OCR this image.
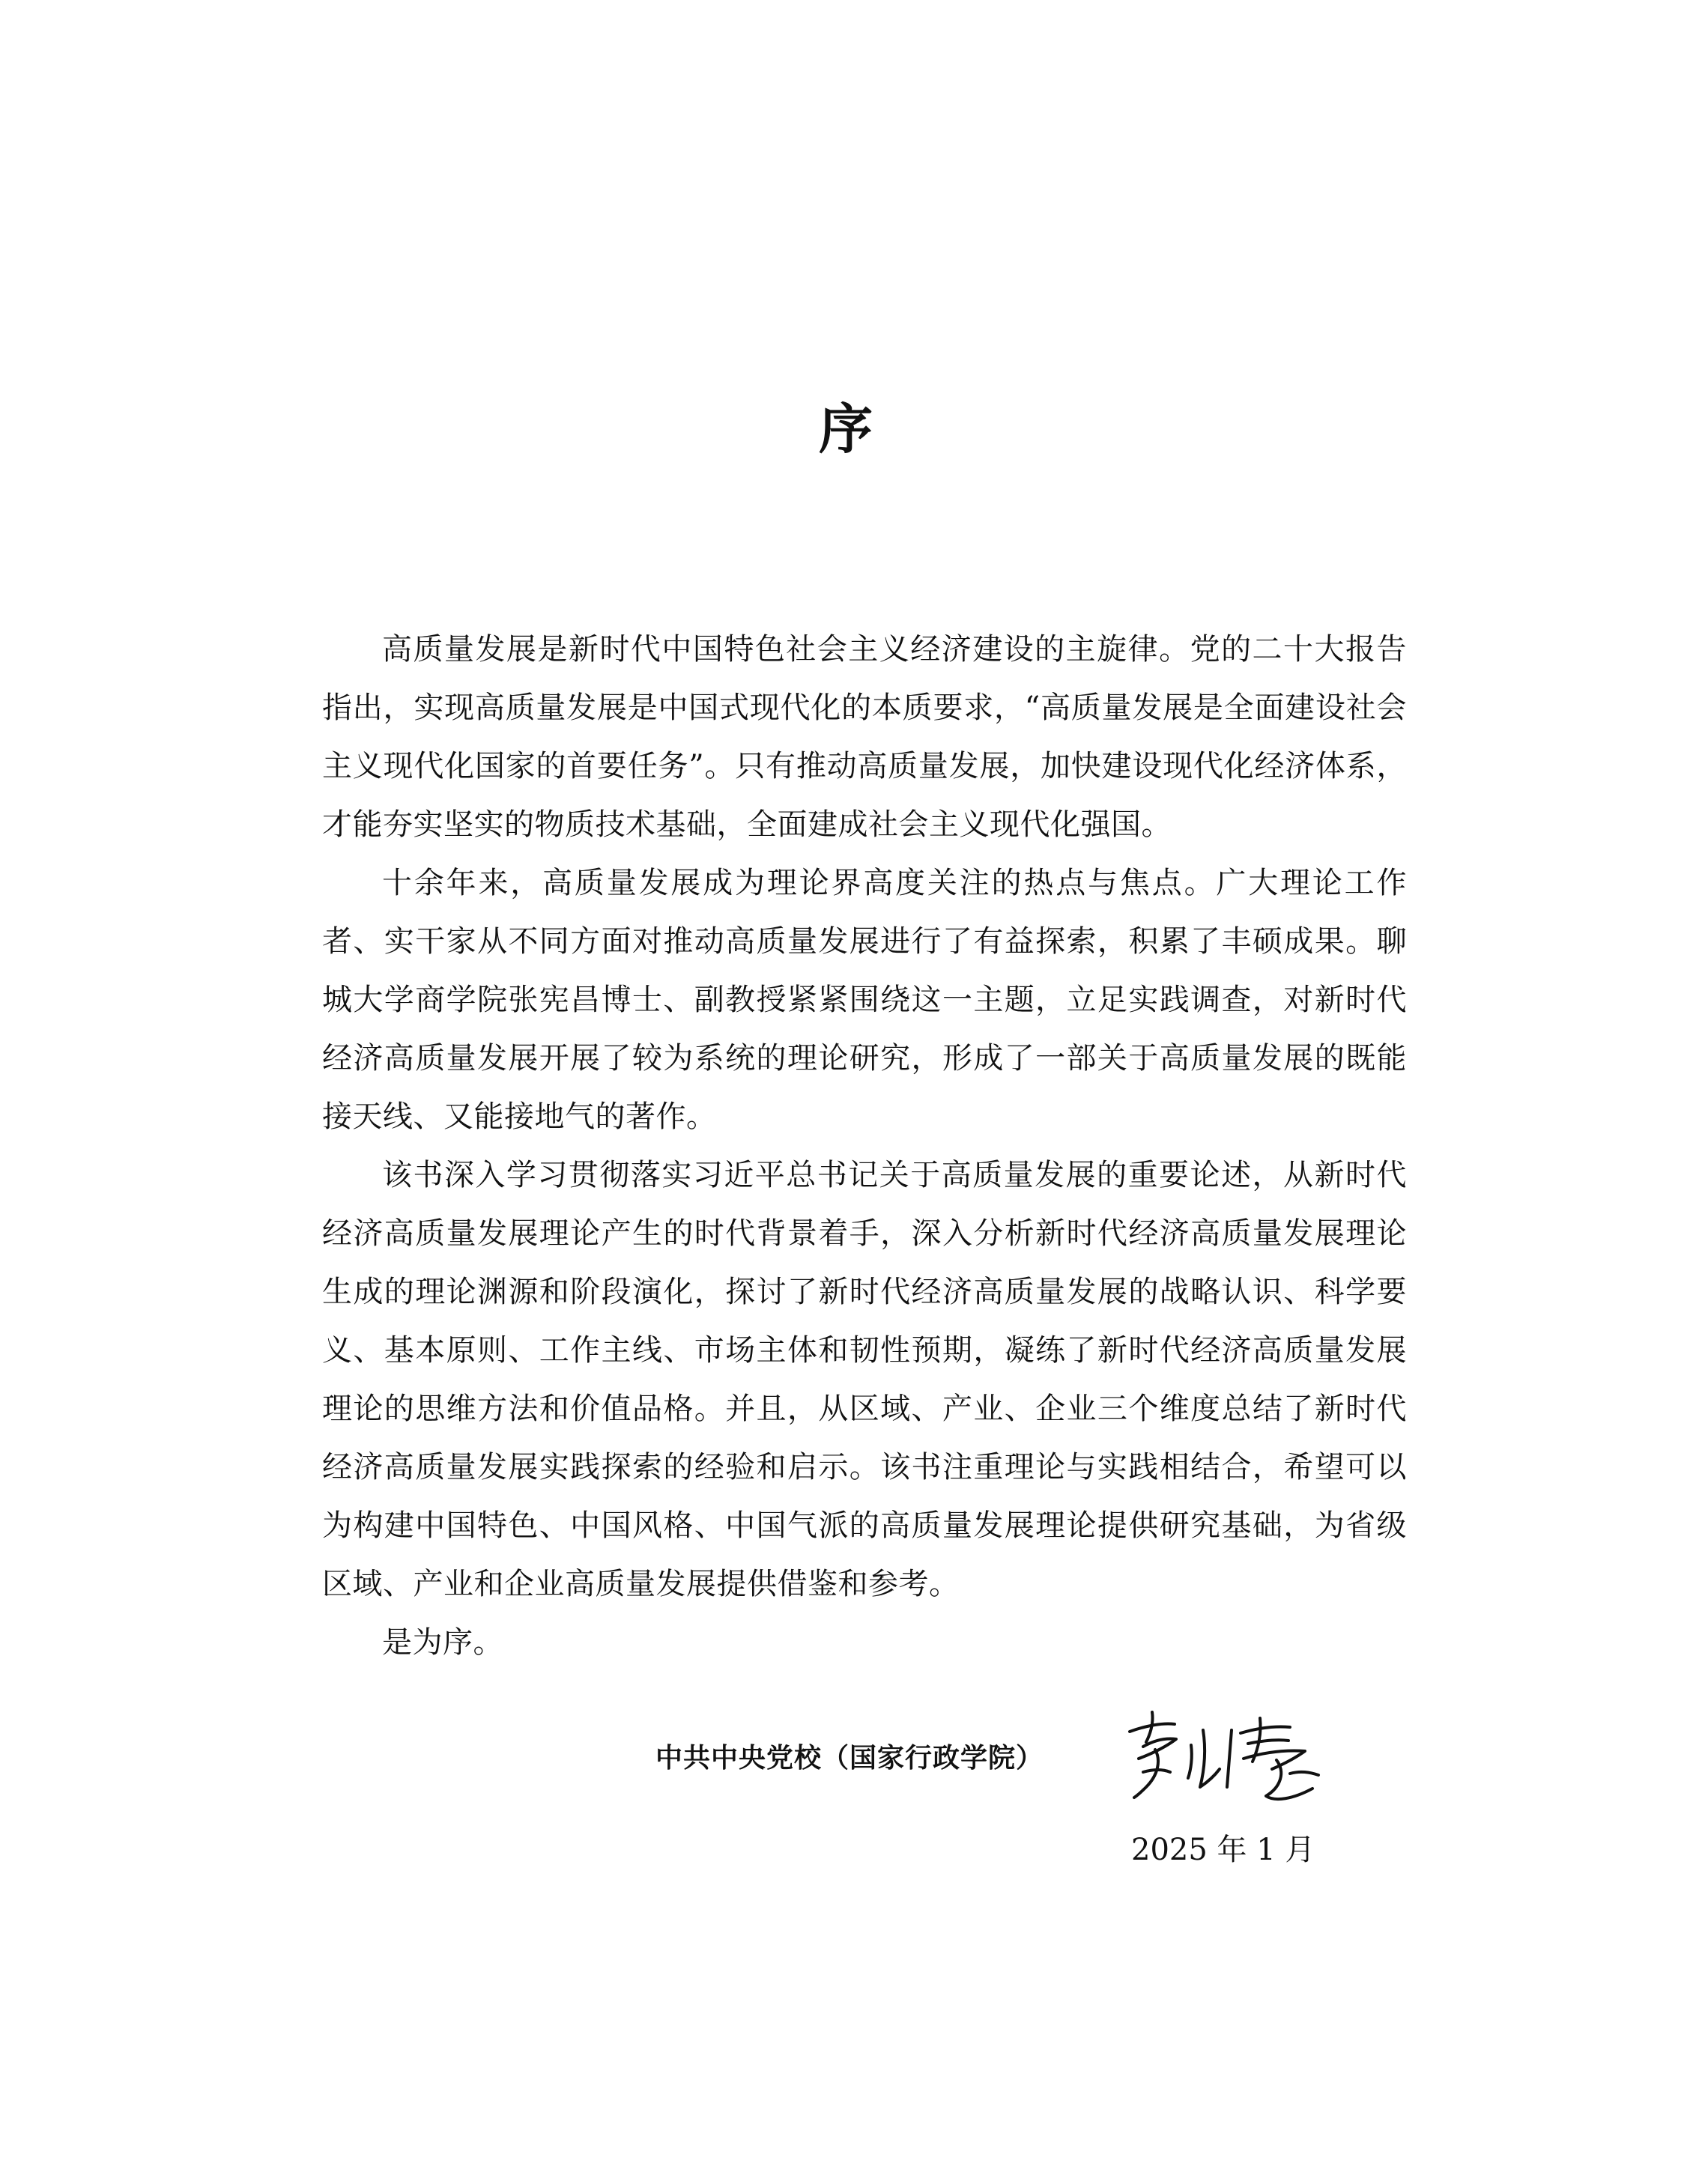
序

高质量发展是新时代中国特色社会主义经济建设的主旋律。党的二十大报告指出，实现高质量发展是中国式现代化的本质要求，“高质量发展是全面建设社会主义现代化国家的首要任务”。只有推动高质量发展，加快建设现代化经济体系，才能夯实坚实的物质技术基础，全面建成社会主义现代化强国。

十余年来，高质量发展成为理论界高度关注的热点与焦点。广大理论工作者、实干家从不同方面对推动高质量发展进行了有益探索，积累了丰硕成果。聊城大学商学院张宪昌博士、副教授紧紧围绕这一主题，立足实践调查，对新时代经济高质量发展开展了较为系统的理论研究，形成了一部关于高质量发展的既能接天线、又能接地气的著作。

该书深入学习贯彻落实习近平总书记关于高质量发展的重要论述，从新时代经济高质量发展理论产生的时代背景着手，深入分析新时代经济高质量发展理论生成的理论渊源和阶段演化，探讨了新时代经济高质量发展的战略认识、科学要义、基本原则、工作主线、市场主体和韧性预期，凝练了新时代经济高质量发展理论的思维方法和价值品格。并且，从区域、产业、企业三个维度总结了新时代经济高质量发展实践探索的经验和启示。该书注重理论与实践相结合，希望可以为构建中国特色、中国风格、中国气派的高质量发展理论提供研究基础，为省级区域、产业和企业高质量发展提供借鉴和参考。

是为序。

中共中央党校（国家行政学院）
2025 年 1 月
